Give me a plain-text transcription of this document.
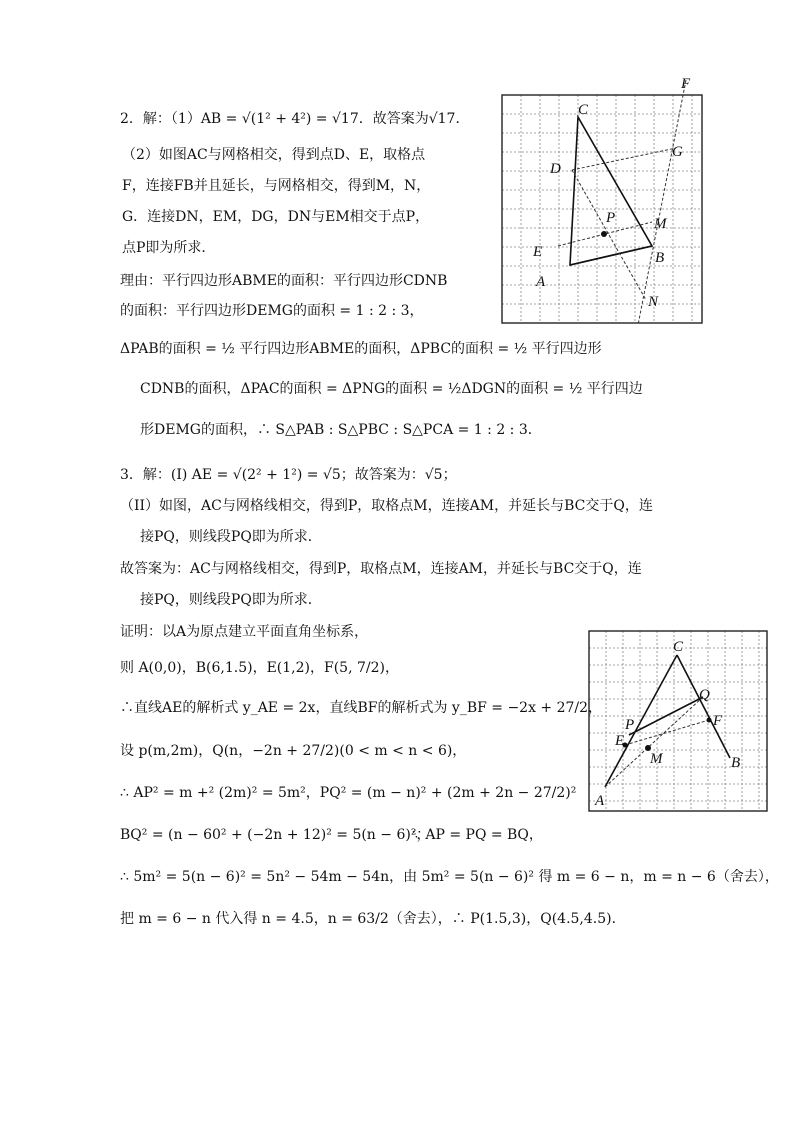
2．解：（1）AB = √(1² + 4²) = √17．故答案为√17．
（2）如图AC与网格相交，得到点D、E，取格点
F，连接FB并且延长，与网格相交，得到M，N，
G．连接DN，EM，DG，DN与EM相交于点P，
点P即为所求．
理由：平行四边形ABME的面积：平行四边形CDNB
的面积：平行四边形DEMG的面积 = 1 : 2 : 3，
ΔPAB的面积 = ½ 平行四边形ABME的面积，ΔPBC的面积 = ½ 平行四边形
CDNB的面积，ΔPAC的面积 = ΔPNG的面积 = ½ΔDGN的面积 = ½ 平行四边
形DEMG的面积，∴ S△PAB : S△PBC : S△PCA = 1 : 2 : 3．
C
F
D
G
P	M
E	B
A
N
3．解：(I) AE = √(2² + 1²) = √5；故答案为：√5；
（II）如图，AC与网格线相交，得到P，取格点M，连接AM，并延长与BC交于Q，连
接PQ，则线段PQ即为所求．
故答案为：AC与网格线相交，得到P，取格点M，连接AM，并延长与BC交于Q，连
接PQ，则线段PQ即为所求．
证明：以A为原点建立平面直角坐标系，
则 A(0,0)，B(6,1.5)，E(1,2)，F(5, 7/2)，
∴直线AE的解析式 y_AE = 2x，直线BF的解析式为 y_BF = −2x + 27/2，
设 p(m,2m)，Q(n，−2n + 27/2)(0 < m < n < 6)，
∴ AP² = m +² (2m)² = 5m²，PQ² = (m − n)² + (2m + 2n − 27/2)²
BQ² = (n − 60² + (−2n + 12)² = 5(n − 6)²，
∵ AP = PQ = BQ，
∴ 5m² = 5(n − 6)² = 5n² − 54m − 54n，由 5m² = 5(n − 6)² 得 m = 6 − n，m = n − 6（舍去），
把 m = 6 − n 代入得 n = 4.5，n = 63/2（舍去），∴ P(1.5,3)，Q(4.5,4.5)．
C
Q
F
P
E
M	B
A
